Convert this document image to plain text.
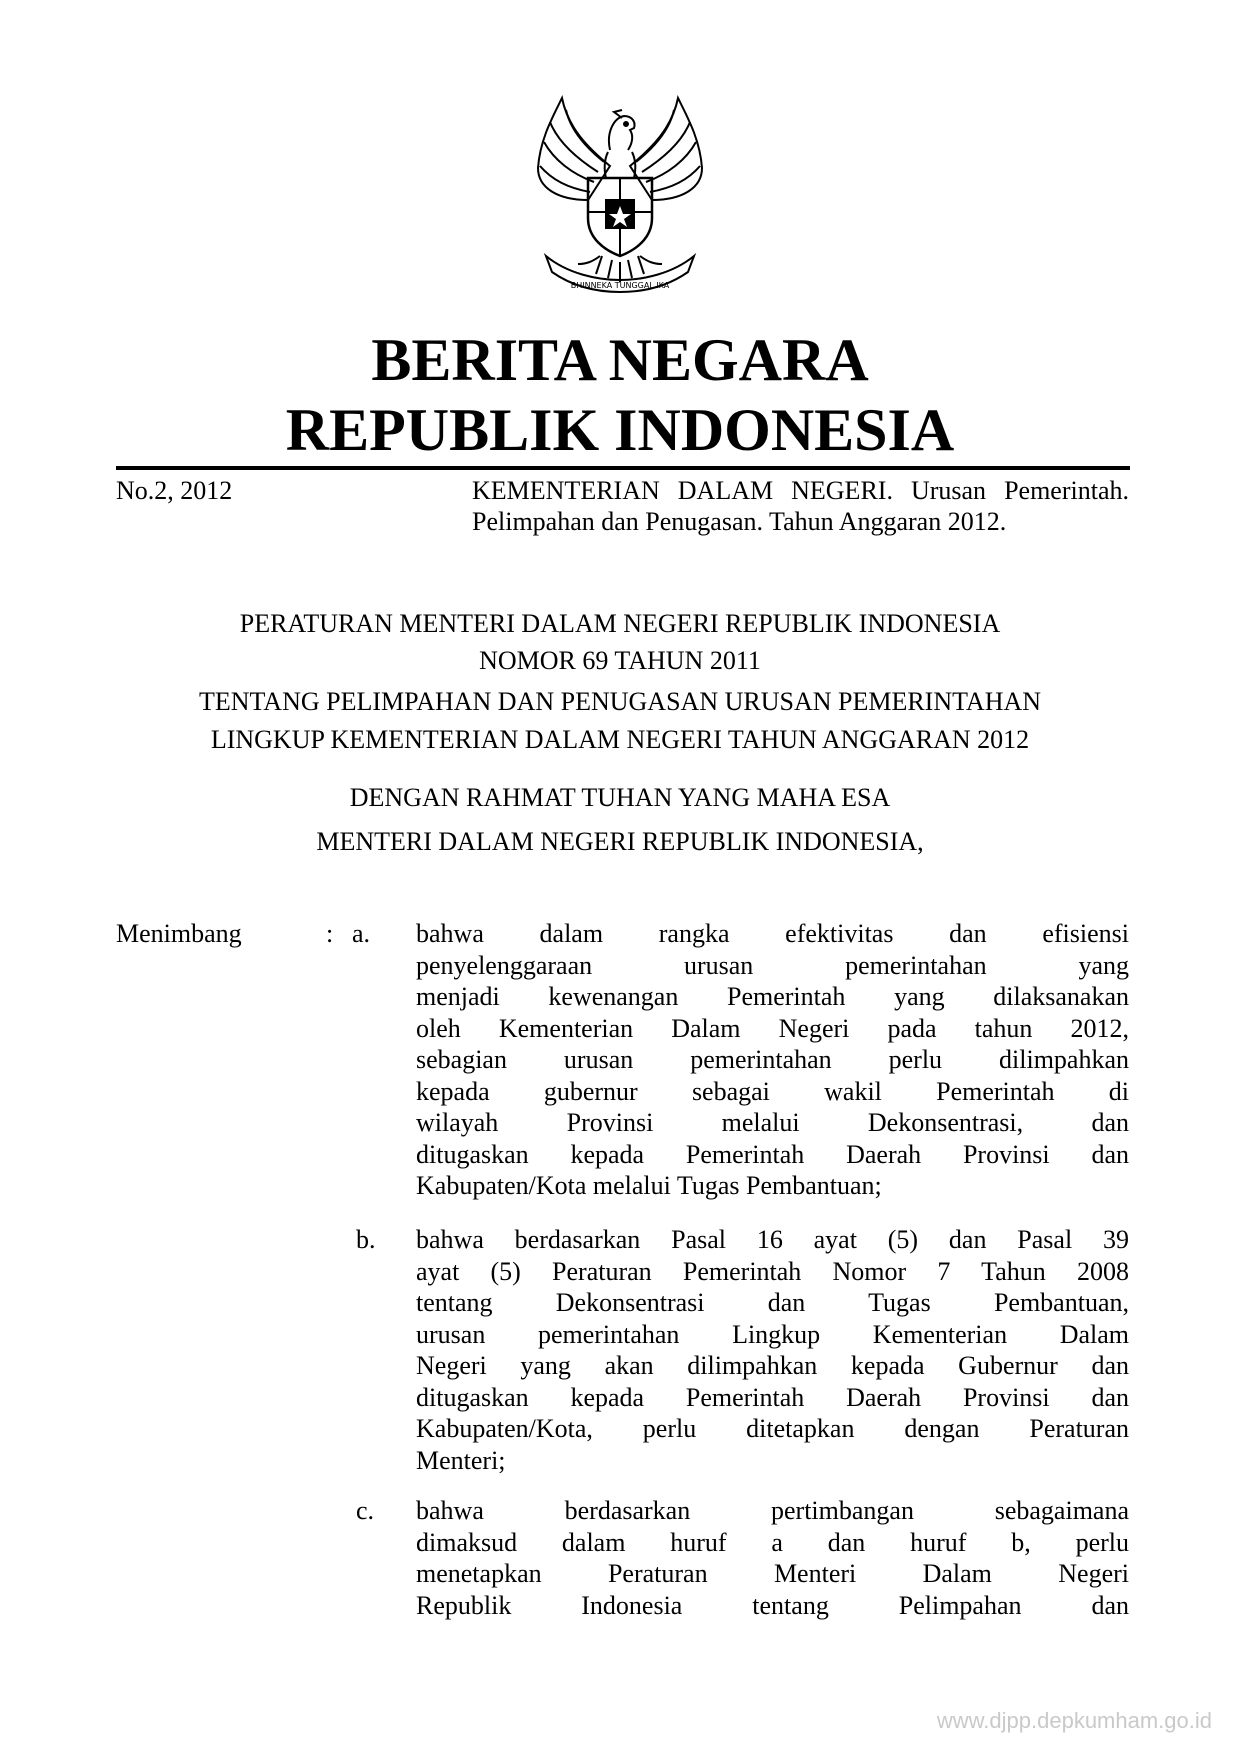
BHINNEKA TUNGGAL IKA
BERITA NEGARA
REPUBLIK INDONESIA
No.2, 2012	KEMENTERIAN DALAM NEGERI. Urusan Pemerintah. Pelimpahan dan Penugasan. Tahun Anggaran 2012.
PERATURAN MENTERI DALAM NEGERI REPUBLIK INDONESIA
NOMOR 69 TAHUN 2011
TENTANG PELIMPAHAN DAN PENUGASAN URUSAN PEMERINTAHAN
LINGKUP KEMENTERIAN DALAM NEGERI TAHUN ANGGARAN 2012
DENGAN RAHMAT TUHAN YANG MAHA ESA
MENTERI DALAM NEGERI REPUBLIK INDONESIA,
Menimbang	: a. bahwa dalam rangka efektivitas dan efisiensi
penyelenggaraan urusan pemerintahan yang
menjadi kewenangan Pemerintah yang dilaksanakan
oleh Kementerian Dalam Negeri pada tahun 2012,
sebagian urusan pemerintahan perlu dilimpahkan
kepada gubernur sebagai wakil Pemerintah di
wilayah Provinsi melalui Dekonsentrasi, dan
ditugaskan kepada Pemerintah Daerah Provinsi dan
Kabupaten/Kota melalui Tugas Pembantuan;
b. bahwa berdasarkan Pasal 16 ayat (5) dan Pasal 39
ayat (5) Peraturan Pemerintah Nomor 7 Tahun 2008
tentang Dekonsentrasi dan Tugas Pembantuan,
urusan pemerintahan Lingkup Kementerian Dalam
Negeri yang akan dilimpahkan kepada Gubernur dan
ditugaskan kepada Pemerintah Daerah Provinsi dan
Kabupaten/Kota, perlu ditetapkan dengan Peraturan
Menteri;
c. bahwa berdasarkan pertimbangan sebagaimana
dimaksud dalam huruf a dan huruf b, perlu
menetapkan Peraturan Menteri Dalam Negeri
Republik Indonesia tentang Pelimpahan dan
www.djpp.depkumham.go.id
